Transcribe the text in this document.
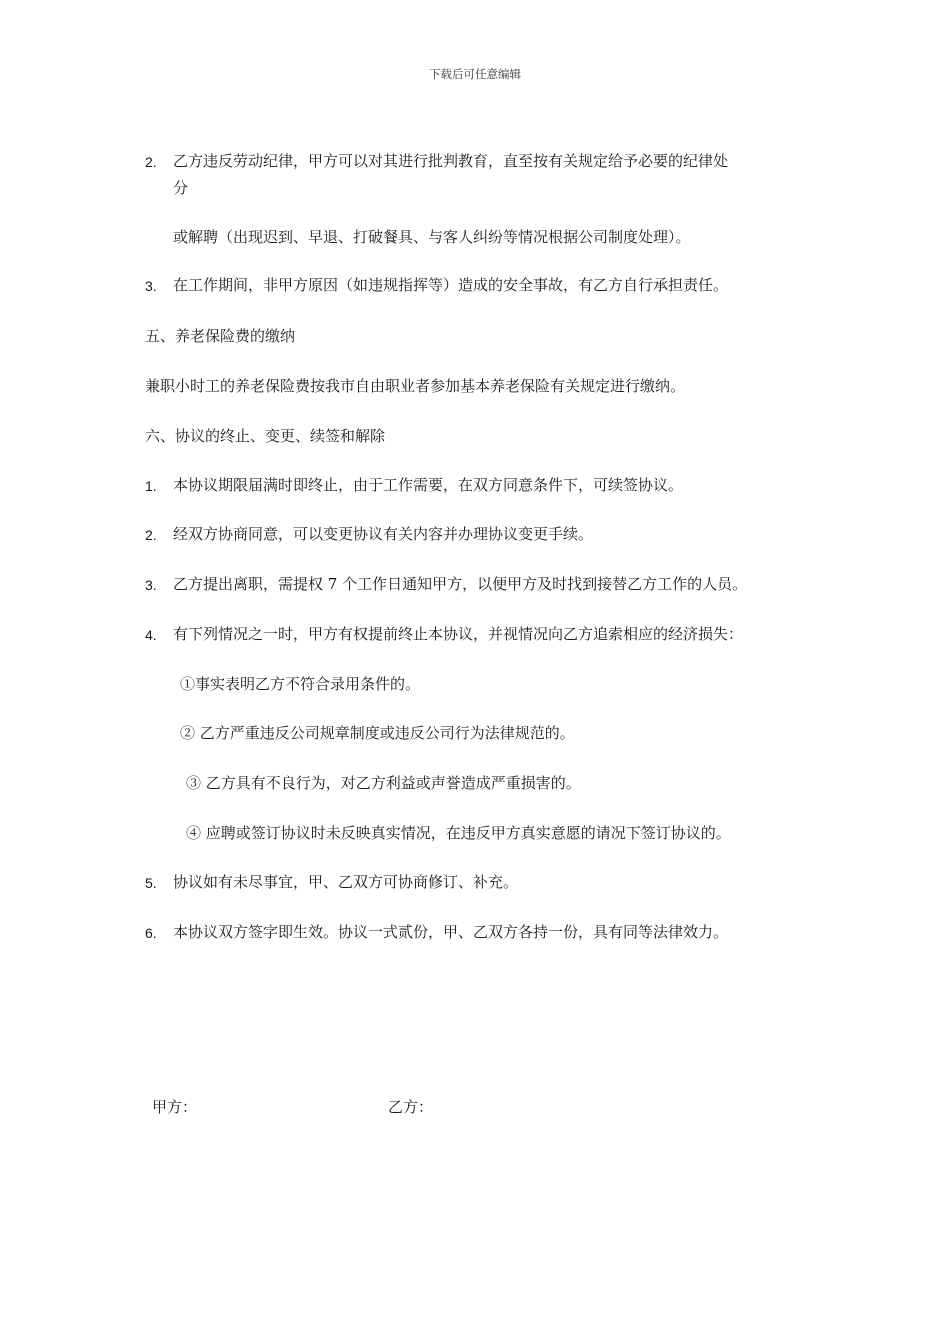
下载后可任意编辑
2. 乙方违反劳动纪律，甲方可以对其进行批判教育，直至按有关规定给予必要的纪律处
分
或解聘（出现迟到、早退、打破餐具、与客人纠纷等情况根据公司制度处理）。
3. 在工作期间，非甲方原因（如违规指挥等）造成的安全事故，有乙方自行承担责任。
五、养老保险费的缴纳
兼职小时工的养老保险费按我市自由职业者参加基本养老保险有关规定进行缴纳。
六、协议的终止、变更、续签和解除
1. 本协议期限届满时即终止，由于工作需要，在双方同意条件下，可续签协议。
2. 经双方协商同意，可以变更协议有关内容并办理协议变更手续。
3. 乙方提出离职，需提权 7 个工作日通知甲方，以便甲方及时找到接替乙方工作的人员。
4. 有下列情况之一时，甲方有权提前终止本协议，并视情况向乙方追索相应的经济损失：
①事实表明乙方不符合录用条件的。
② 乙方严重违反公司规章制度或违反公司行为法律规范的。
③ 乙方具有不良行为，对乙方利益或声誉造成严重损害的。
④ 应聘或签订协议时未反映真实情况，在违反甲方真实意愿的请况下签订协议的。
5. 协议如有未尽事宜，甲、乙双方可协商修订、补充。
6. 本协议双方签字即生效。协议一式贰份，甲、乙双方各持一份，具有同等法律效力。
甲方：	乙方：
